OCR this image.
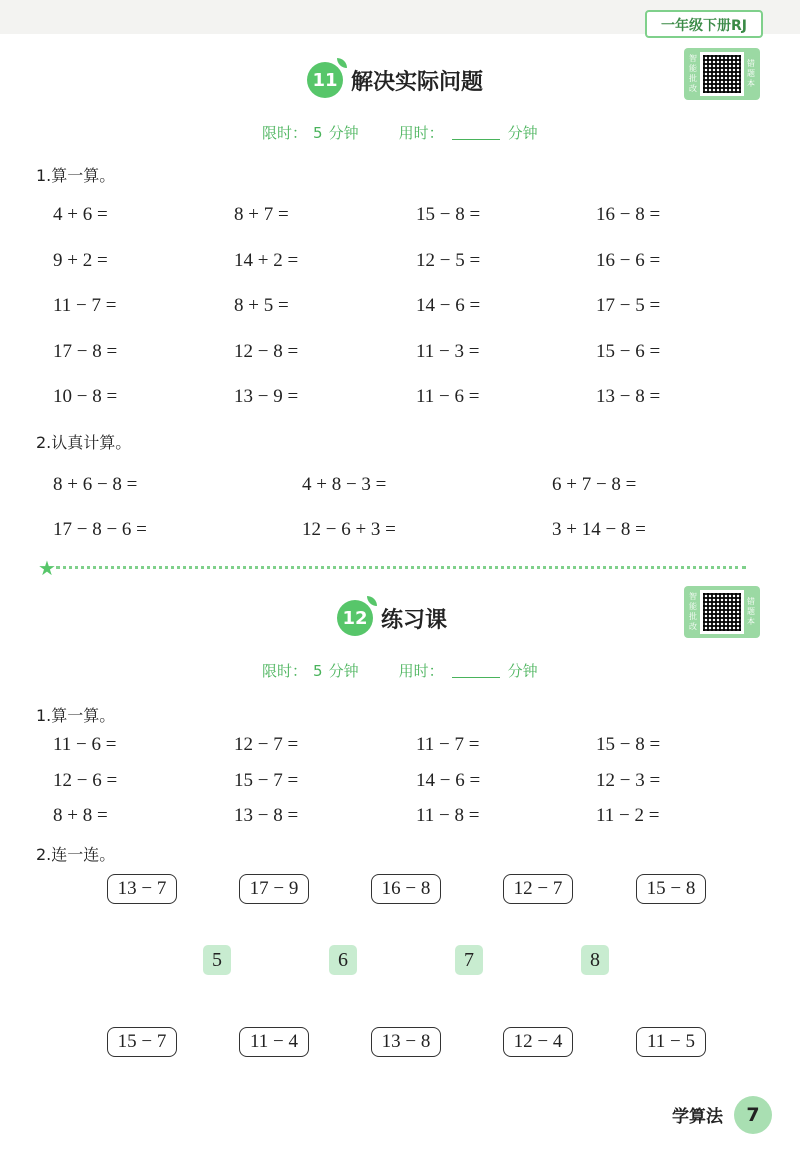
一年级下册RJ
11 解决实际问题
智能批改
错题本
限时： 5 分钟	用时：	分钟
1.算一算。
4 + 6 =	8 + 7 =	15 − 8 =	16 − 8 =
9 + 2 =	14 + 2 =	12 − 5 =	16 − 6 =
11 − 7 =	8 + 5 =	14 − 6 =	17 − 5 =
17 − 8 =	12 − 8 =	11 − 3 =	15 − 6 =
10 − 8 =	13 − 9 =	11 − 6 =	13 − 8 =
2.认真计算。
8 + 6 − 8 =	4 + 8 − 3 =	6 + 7 − 8 =
17 − 8 − 6 =	12 − 6 + 3 =	3 + 14 − 8 =
★
12 练习课
智能批改
错题本
限时： 5 分钟	用时：	分钟
1.算一算。
11 − 6 =	12 − 7 =	11 − 7 =	15 − 8 =
12 − 6 =	15 − 7 =	14 − 6 =	12 − 3 =
8 + 8 =	13 − 8 =	11 − 8 =	11 − 2 =
2.连一连。
13 − 7	17 − 9	16 − 8	12 − 7	15 − 8
5	6	7	8
15 − 7	11 − 4	13 − 8	12 − 4	11 − 5
学算法	7
